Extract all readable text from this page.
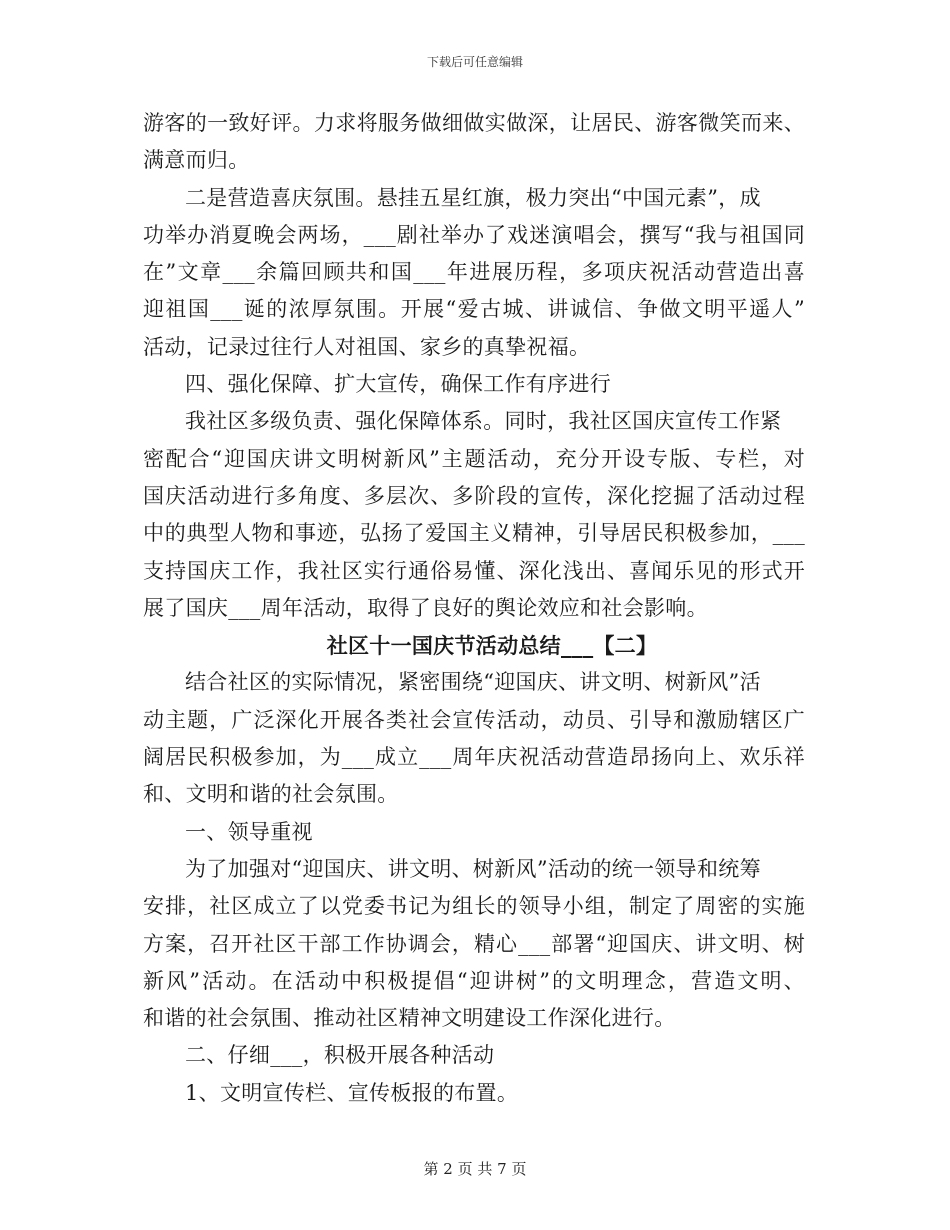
下载后可任意编辑
游客的一致好评。力求将服务做细做实做深，让居民、游客微笑而来、
满意而归。
二是营造喜庆氛围。悬挂五星红旗，极力突出“中国元素”，成
功举办消夏晚会两场，___剧社举办了戏迷演唱会，撰写“我与祖国同
在”文章___余篇回顾共和国___年进展历程，多项庆祝活动营造出喜
迎祖国___诞的浓厚氛围。开展“爱古城、讲诚信、争做文明平遥人”
活动，记录过往行人对祖国、家乡的真挚祝福。
四、强化保障、扩大宣传，确保工作有序进行
我社区多级负责、强化保障体系。同时，我社区国庆宣传工作紧
密配合“迎国庆讲文明树新风”主题活动，充分开设专版、专栏，对
国庆活动进行多角度、多层次、多阶段的宣传，深化挖掘了活动过程
中的典型人物和事迹，弘扬了爱国主义精神，引导居民积极参加，___
支持国庆工作，我社区实行通俗易懂、深化浅出、喜闻乐见的形式开
展了国庆___周年活动，取得了良好的舆论效应和社会影响。
社区十一国庆节活动总结___【二】
结合社区的实际情况，紧密围绕“迎国庆、讲文明、树新风”活
动主题，广泛深化开展各类社会宣传活动，动员、引导和激励辖区广
阔居民积极参加，为___成立___周年庆祝活动营造昂扬向上、欢乐祥
和、文明和谐的社会氛围。
一、领导重视
为了加强对“迎国庆、讲文明、树新风”活动的统一领导和统筹
安排，社区成立了以党委书记为组长的领导小组，制定了周密的实施
方案，召开社区干部工作协调会，精心___部署“迎国庆、讲文明、树
新风”活动。在活动中积极提倡“迎讲树”的文明理念，营造文明、
和谐的社会氛围、推动社区精神文明建设工作深化进行。
二、仔细___，积极开展各种活动
1、文明宣传栏、宣传板报的布置。
第 2 页 共 7 页
